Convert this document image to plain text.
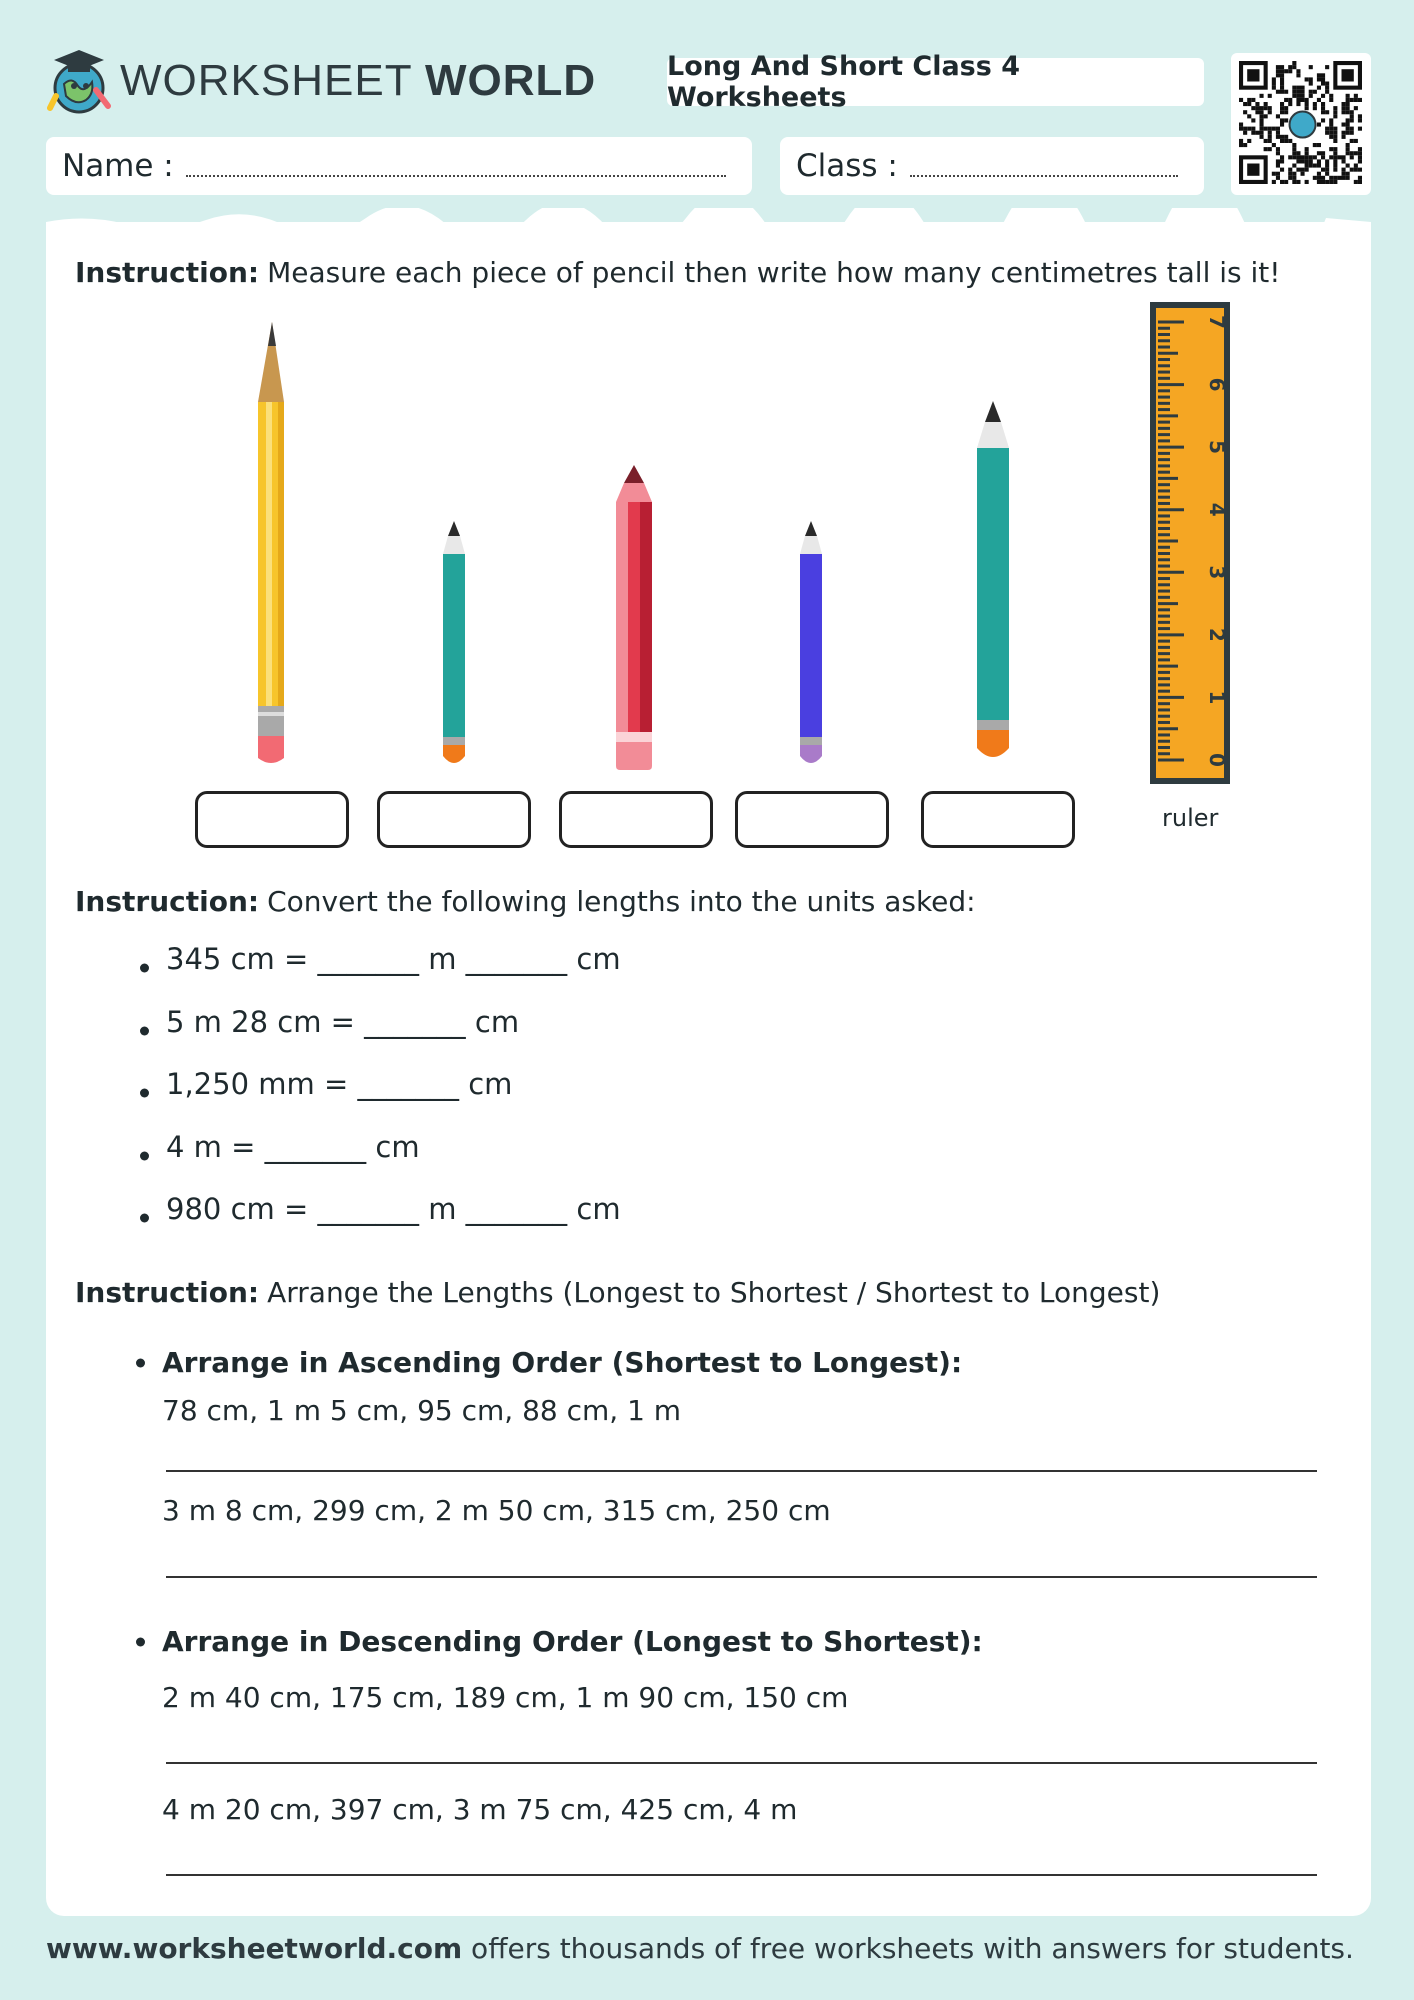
WORKSHEET WORLD	Long And Short Class 4 Worksheets
Name :	Class :
Instruction: Measure each piece of pencil then write how many centimetres tall is it!
0
1
2
3
4
5
6
7
ruler
Instruction: Convert the following lengths into the units asked:
345 cm = _______ m _______ cm
5 m 28 cm = _______ cm
1,250 mm = _______ cm
4 m = _______ cm
980 cm = _______ m _______ cm
Instruction: Arrange the Lengths (Longest to Shortest / Shortest to Longest)
Arrange in Ascending Order (Shortest to Longest):
78 cm, 1 m 5 cm, 95 cm, 88 cm, 1 m
3 m 8 cm, 299 cm, 2 m 50 cm, 315 cm, 250 cm
Arrange in Descending Order (Longest to Shortest):
2 m 40 cm, 175 cm, 189 cm, 1 m 90 cm, 150 cm
4 m 20 cm, 397 cm, 3 m 75 cm, 425 cm, 4 m
www.worksheetworld.com offers thousands of free worksheets with answers for students.
